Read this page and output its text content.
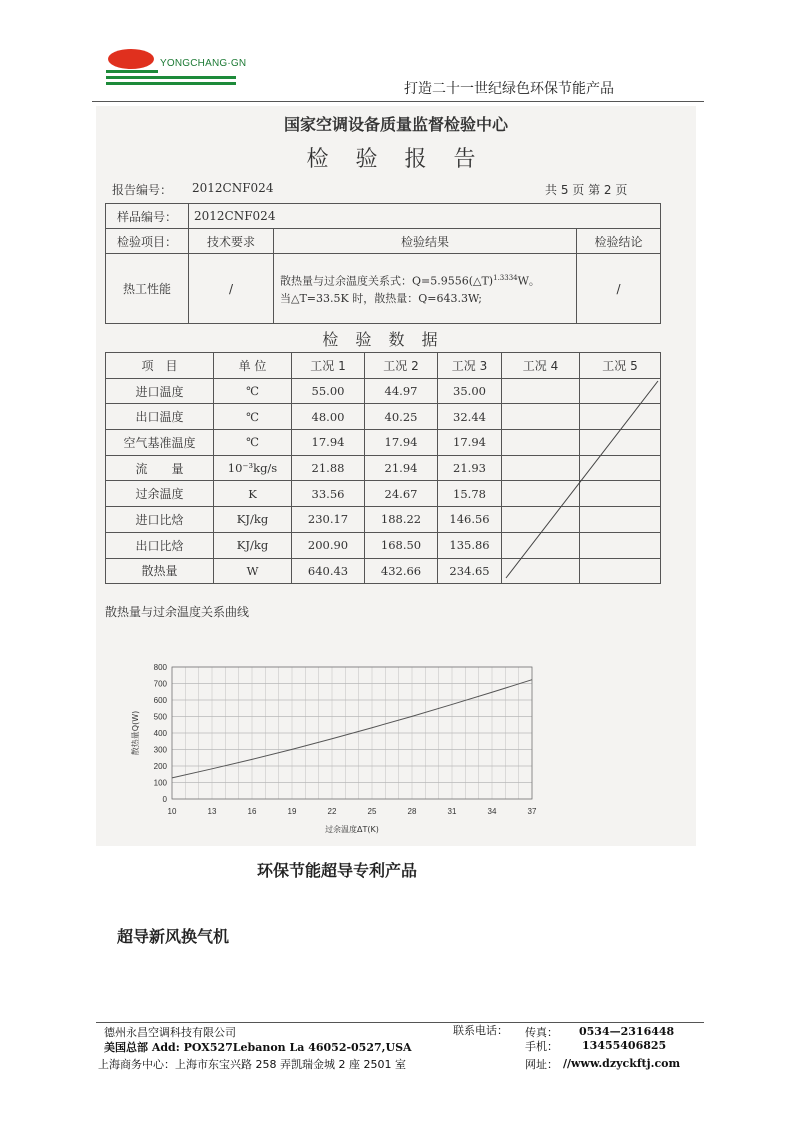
YONGCHANG·GN
打造二十一世纪绿色环保节能产品
国家空调设备质量监督检验中心
检 验 报 告
报告编号： 2012CNF024	共 5 页 第 2 页
样品编号：	2012CNF024		
检验项目：	技术要求	检验结果	检验结论
热工性能	/	散热量与过余温度关系式：Q=5.9556(△T)$^{1.3334}$W。
当△T=33.5K 时，散热量：Q=643.3W;	/
检 验 数 据
项　目	单 位	工况 1	工况 2	工况 3	工况 4	工况 5
进口温度	℃	55.00	44.97	35.00		
出口温度	℃	48.00	40.25	32.44		
空气基准温度	℃	17.94	17.94	17.94		
流　　量	10⁻³kg/s	21.88	21.94	21.93		
过余温度	K	33.56	24.67	15.78		
进口比焓	KJ/kg	230.17	188.22	146.56		
出口比焓	KJ/kg	200.90	168.50	135.86		
散热量	W	640.43	432.66	234.65		
散热量与过余温度关系曲线
0
100
200
300
400
500
600
700
800
10	13	16	19	22	25	28	31	34	37
过余温度ΔT(K)
散热量Q(W)
环保节能超导专利产品
超导新风换气机
德州永昌空调科技有限公司
美国总部 Add: POX527Lebanon La 46052-0527,USA
上海商务中心：上海市东宝兴路 258 弄凯瑞金城 2 座 2501 室
联系电话： 传真： 0534—2316448
手机： 13455406825
网址： //www.dzyckftj.com
